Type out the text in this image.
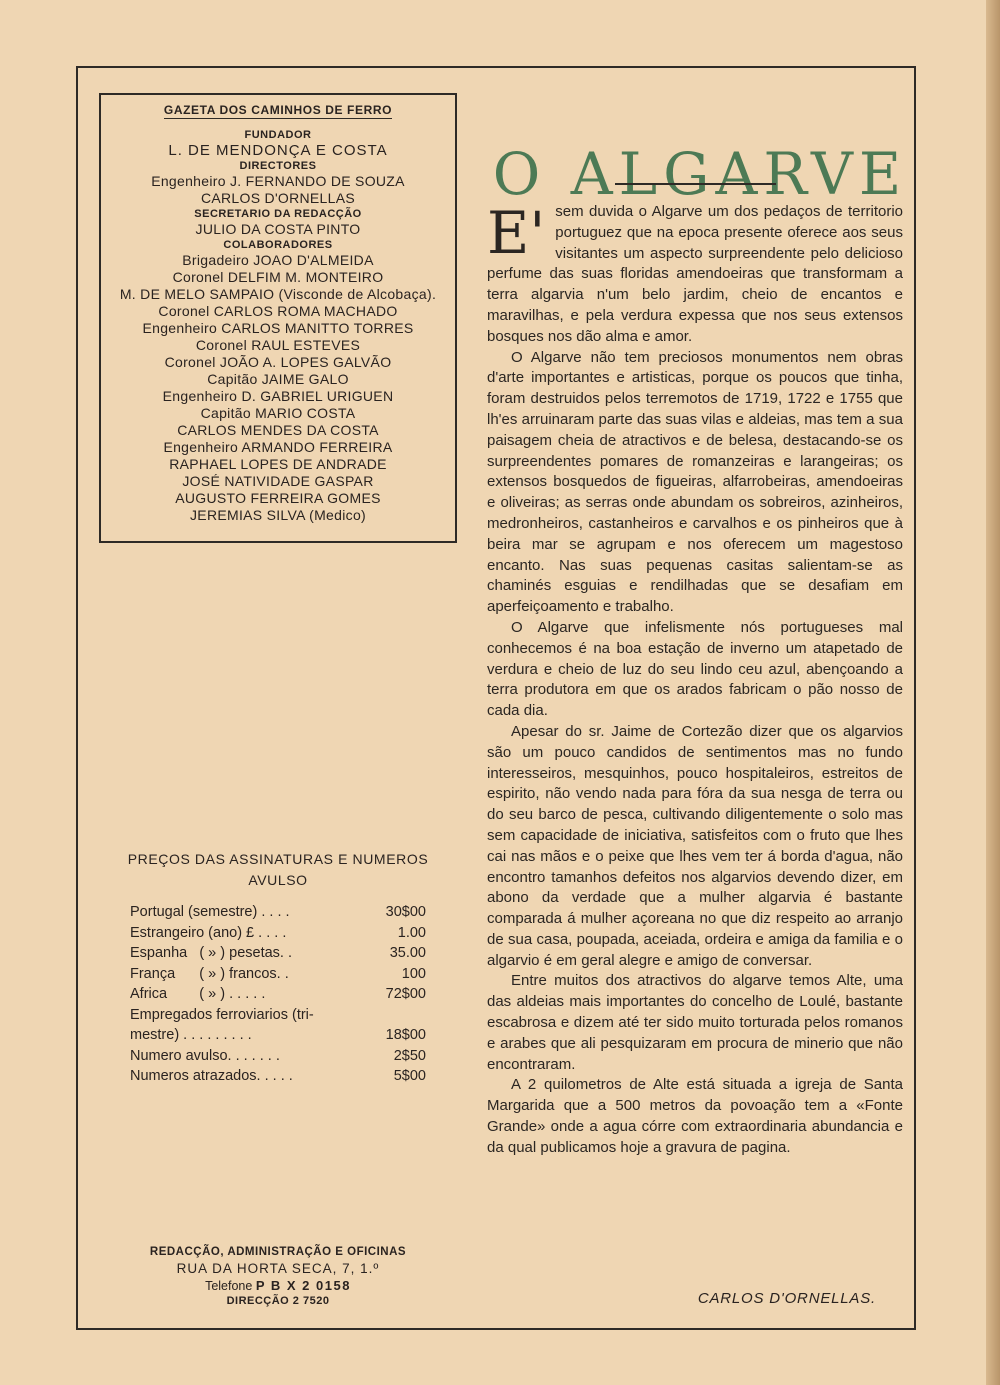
GAZETA DOS CAMINHOS DE FERRO
FUNDADOR
L. DE MENDONÇA E COSTA
DIRECTORES
Engenheiro J. FERNANDO DE SOUZA
CARLOS D'ORNELLAS
SECRETARIO DA REDACÇÃO
JULIO DA COSTA PINTO
COLABORADORES
Brigadeiro JOAO D'ALMEIDA
Coronel DELFIM M. MONTEIRO
M. DE MELO SAMPAIO (Visconde de Alcobaça).
Coronel CARLOS ROMA MACHADO
Engenheiro CARLOS MANITTO TORRES
Coronel RAUL ESTEVES
Coronel JOÃO A. LOPES GALVÃO
Capitão JAIME GALO
Engenheiro D. GABRIEL URIGUEN
Capitão MARIO COSTA
CARLOS MENDES DA COSTA
Engenheiro ARMANDO FERREIRA
RAPHAEL LOPES DE ANDRADE
JOSÉ NATIVIDADE GASPAR
AUGUSTO FERREIRA GOMES
JEREMIAS SILVA (Medico)
PREÇOS DAS ASSINATURAS E NUMEROS
AVULSO
Portugal (semestre) . . . .	30$00
Estrangeiro (ano) £ . . . .	1.00
Espanha   ( » ) pesetas. .	35.00
França      ( » ) francos. .	100
Africa        ( » ) . . . . .	72$00
Empregados ferroviarios (tri-
mestre) . . . . . . . . .	18$00
Numero avulso. . . . . . .	2$50
Numeros atrazados. . . . .	5$00
REDACÇÃO, ADMINISTRAÇÃO E OFICINAS
RUA DA HORTA SECA, 7, 1.º
Telefone P B X 2 0158
DIRECÇÃO 2 7520
O ALGARVE

E' sem duvida o Algarve um dos pedaços de territorio portuguez que na epoca presente oferece aos seus visitantes um aspecto surpreendente pelo delicioso perfume das suas floridas amendoeiras que transformam a terra algarvia n'um belo jardim, cheio de encantos e maravilhas, e pela verdura expessa que nos seus extensos bosques nos dão alma e amor.

O Algarve não tem preciosos monumentos nem obras d'arte importantes e artisticas, porque os poucos que tinha, foram destruidos pelos terremotos de 1719, 1722 e 1755 que lh'es arruinaram parte das suas vilas e aldeias, mas tem a sua paisagem cheia de atractivos e de belesa, destacando-se os surpreendentes pomares de romanzeiras e larangeiras; os extensos bosquedos de figueiras, alfarrobeiras, amendoeiras e oliveiras; as serras onde abundam os sobreiros, azinheiros, medronheiros, castanheiros e carvalhos e os pinheiros que à beira mar se agrupam e nos oferecem um magestoso encanto. Nas suas pequenas casitas salientam-se as chaminés esguias e rendilhadas que se desafiam em aperfeiçoamento e trabalho.

O Algarve que infelismente nós portugueses mal conhecemos é na boa estação de inverno um atapetado de verdura e cheio de luz do seu lindo ceu azul, abençoando a terra produtora em que os arados fabricam o pão nosso de cada dia.

Apesar do sr. Jaime de Cortezão dizer que os algarvios são um pouco candidos de sentimentos mas no fundo interesseiros, mesquinhos, pouco hospitaleiros, estreitos de espirito, não vendo nada para fóra da sua nesga de terra ou do seu barco de pesca, cultivando diligentemente o solo mas sem capacidade de iniciativa, satisfeitos com o fruto que lhes cai nas mãos e o peixe que lhes vem ter á borda d'agua, não encontro tamanhos defeitos nos algarvios devendo dizer, em abono da verdade que a mulher algarvia é bastante comparada á mulher açoreana no que diz respeito ao arranjo de sua casa, poupada, aceiada, ordeira e amiga da familia e o algarvio é em geral alegre e amigo de conversar.

Entre muitos dos atractivos do algarve temos Alte, uma das aldeias mais importantes do concelho de Loulé, bastante escabrosa e dizem até ter sido muito torturada pelos romanos e arabes que ali pesquizaram em procura de minerio que não encontraram.

A 2 quilometros de Alte está situada a igreja de Santa Margarida que a 500 metros da povoação tem a «Fonte Grande» onde a agua córre com extraordinaria abundancia e da qual publicamos hoje a gravura de pagina.

CARLOS D'ORNELLAS.
